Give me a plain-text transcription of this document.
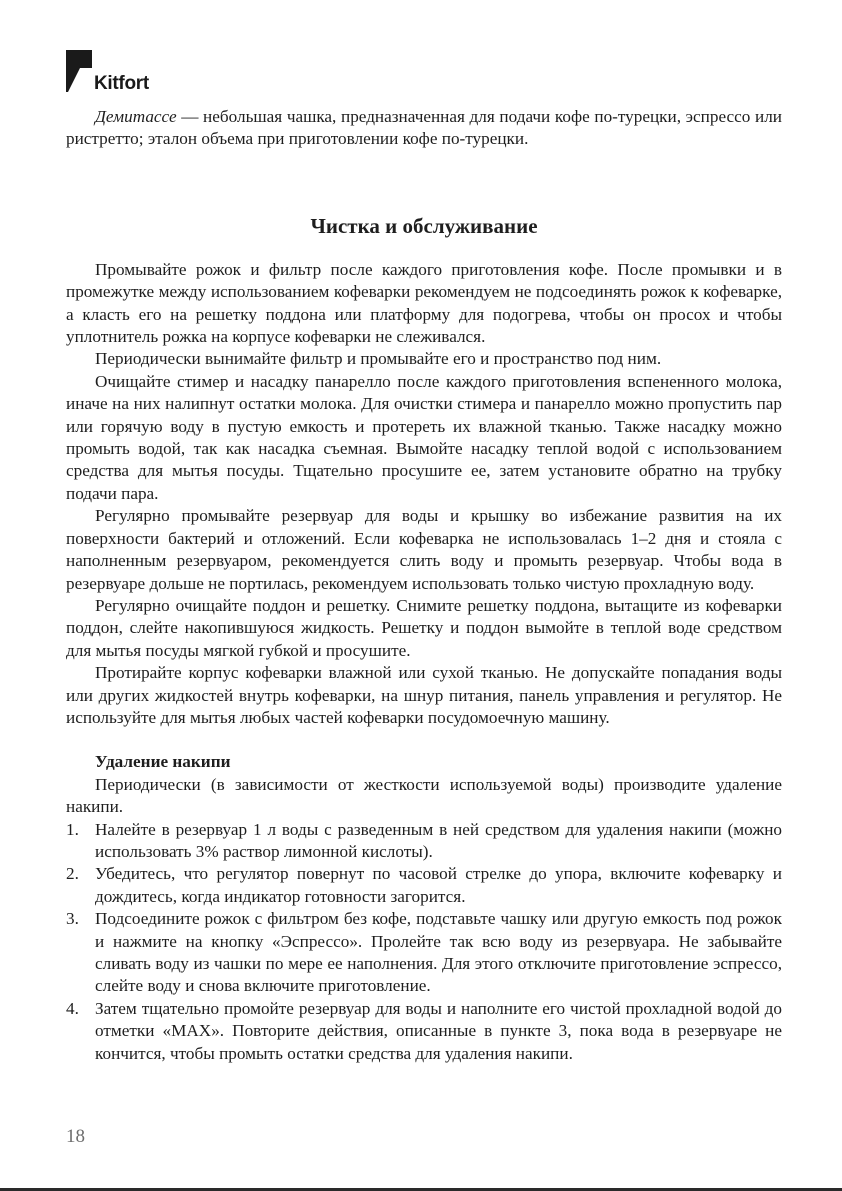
Kitfort

Демитассе — небольшая чашка, предназначенная для подачи кофе по-турецки, эспрессо или ристретто; эталон объема при приготовлении кофе по-турецки.

Чистка и обслуживание

Промывайте рожок и фильтр после каждого приготовления кофе. После промывки и в промежутке между использованием кофеварки рекомендуем не подсоединять рожок к кофеварке, а класть его на решетку поддона или платформу для подогрева, чтобы он просох и чтобы уплотнитель рожка на корпусе кофеварки не слеживался.

Периодически вынимайте фильтр и промывайте его и пространство под ним.

Очищайте стимер и насадку панарелло после каждого приготовления вспененного молока, иначе на них налипнут остатки молока. Для очистки стимера и панарелло можно пропустить пар или горячую воду в пустую емкость и протереть их влажной тканью. Также насадку можно промыть водой, так как насадка съемная. Вымойте насадку теплой водой с использованием средства для мытья посуды. Тщательно просушите ее, затем установите обратно на трубку подачи пара.

Регулярно промывайте резервуар для воды и крышку во избежание развития на их поверхности бактерий и отложений. Если кофеварка не использовалась 1–2 дня и стояла с наполненным резервуаром, рекомендуется слить воду и промыть резервуар. Чтобы вода в резервуаре дольше не портилась, рекомендуем использовать только чистую прохладную воду.

Регулярно очищайте поддон и решетку. Снимите решетку поддона, вытащите из кофеварки поддон, слейте накопившуюся жидкость. Решетку и поддон вымойте в теплой воде средством для мытья посуды мягкой губкой и просушите.

Протирайте корпус кофеварки влажной или сухой тканью. Не допускайте попадания воды или других жидкостей внутрь кофеварки, на шнур питания, панель управления и регулятор. Не используйте для мытья любых частей кофеварки посудомоечную машину.

Удаление накипи

Периодически (в зависимости от жесткости используемой воды) производите удаление накипи.

1. Налейте в резервуар 1 л воды с разведенным в ней средством для удаления накипи (можно использовать 3% раствор лимонной кислоты).
2. Убедитесь, что регулятор повернут по часовой стрелке до упора, включите кофеварку и дождитесь, когда индикатор готовности загорится.
3. Подсоедините рожок с фильтром без кофе, подставьте чашку или другую емкость под рожок и нажмите на кнопку «Эспрессо». Пролейте так всю воду из резервуара. Не забывайте сливать воду из чашки по мере ее наполнения. Для этого отключите приготовление эспрессо, слейте воду и снова включите приготовление.
4. Затем тщательно промойте резервуар для воды и наполните его чистой прохладной водой до отметки «MAX». Повторите действия, описанные в пункте 3, пока вода в резервуаре не кончится, чтобы промыть остатки средства для удаления накипи.
18
